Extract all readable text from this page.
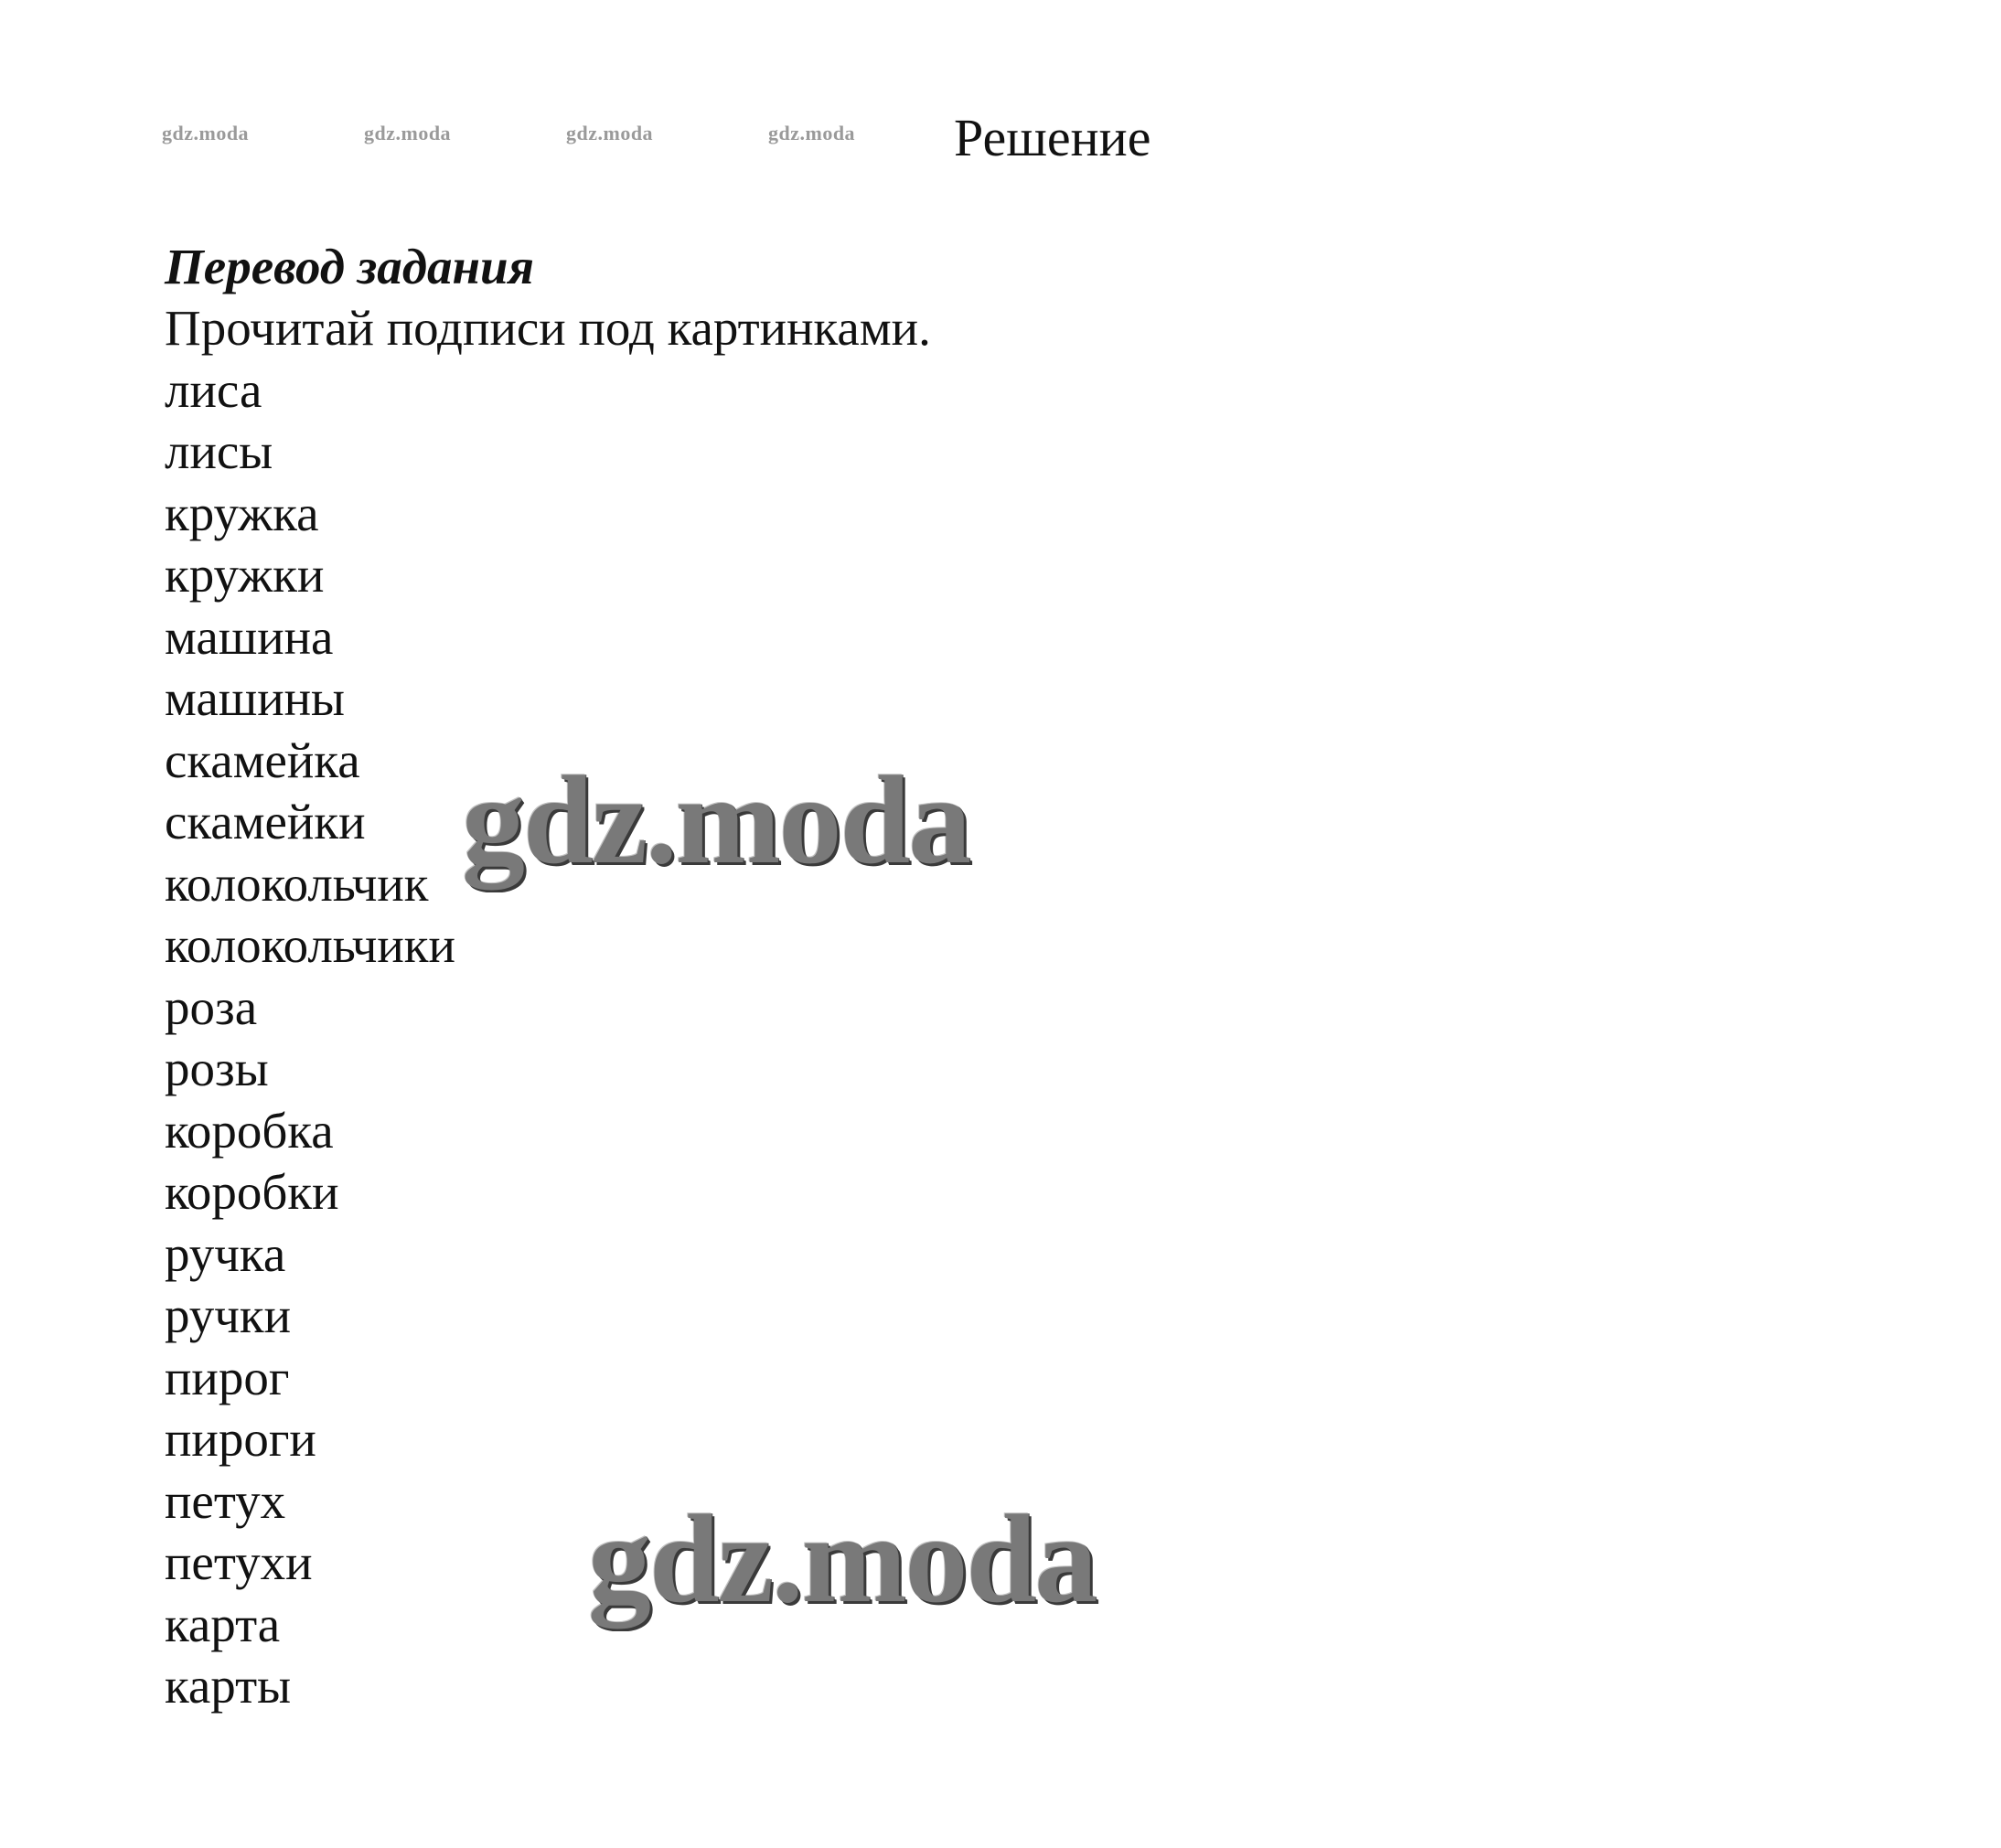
gdz.moda	gdz.moda	gdz.moda	gdz.moda Решение

Перевод задания

Прочитай подписи под картинками.

лиса
лисы
кружка
кружки
машина
машины
скамейка
скамейки
колокольчик
колокольчики
роза
розы
коробка
коробки
ручка
ручки
пирог
пироги
петух
петухи
карта
карты
gdz.moda
gdz.moda
